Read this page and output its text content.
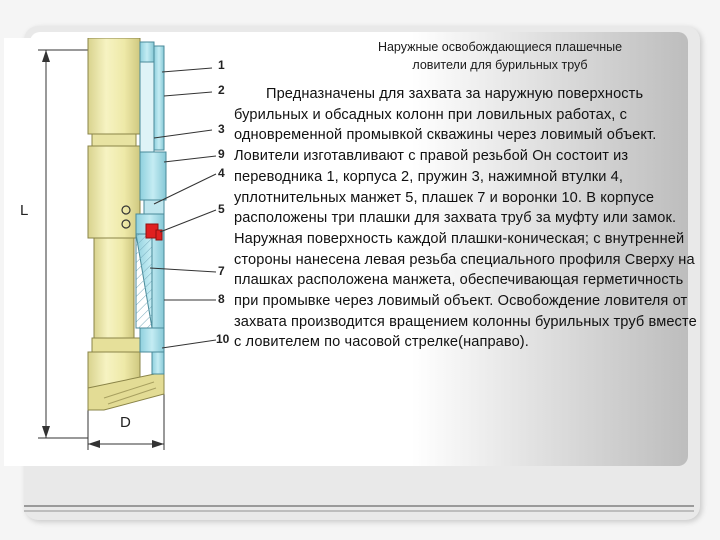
1
2
3
9
4
5
7
8
10
L
D
Наружные освобождающиеся плашечные
ловители для бурильных труб

Предназначены для захвата за наружную поверхность бурильных и обсадных колонн при ловильных работах, с одновременной промывкой скважины через ловимый объект. Ловители изготавливают с правой резьбой Он состоит из переводника 1, корпуса 2, пружин 3, нажимной втулки 4, уплотнительных манжет 5, плашек 7 и воронки 10. В корпусе расположены три плашки для захвата труб за муфту или замок. Наружная поверхность каждой плашки-коническая; с внутренней стороны нанесена левая резьба специального профиля Сверху на плашках расположена манжета, обеспечивающая герметичность при промывке через ловимый объект. Освобождение ловителя от захвата производится вращением колонны бурильных труб вместе с ловителем по часовой стрелке(направо).
